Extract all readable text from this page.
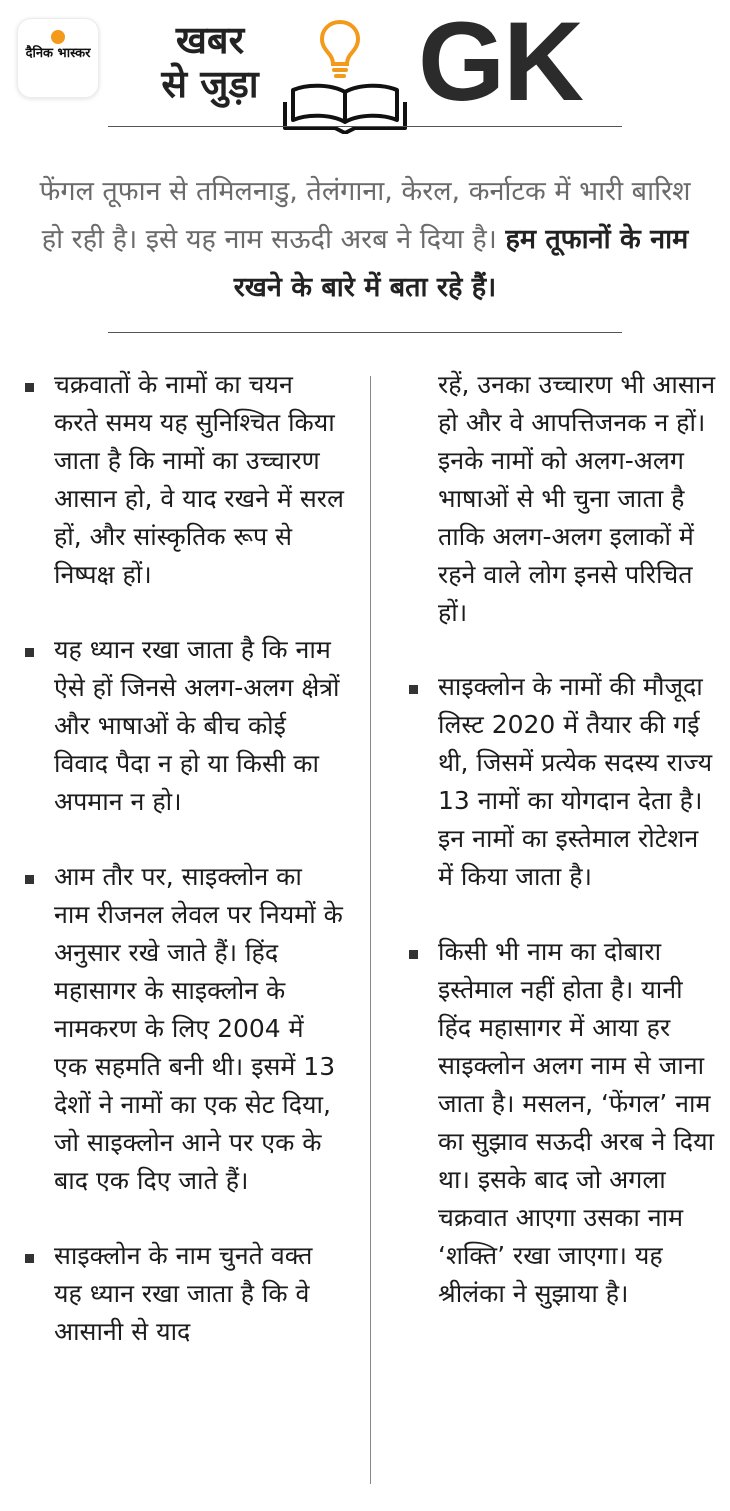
दैनिक भास्कर	खबर
से जुड़ा GK
फेंगल तूफान से तमिलनाडु, तेलंगाना, केरल, कर्नाटक में भारी बारिश हो रही है। इसे यह नाम सऊदी अरब ने दिया है। हम तूफानों के नाम रखने के बारे में बता रहे हैं।
चक्रवातों के नामों का चयन करते समय यह सुनिश्चित किया जाता है कि नामों का उच्चारण आसान हो, वे याद रखने में सरल हों, और सांस्कृतिक रूप से निष्पक्ष हों।
यह ध्यान रखा जाता है कि नाम ऐसे हों जिनसे अलग-अलग क्षेत्रों और भाषाओं के बीच कोई विवाद पैदा न हो या किसी का अपमान न हो।
आम तौर पर, साइक्लोन का नाम रीजनल लेवल पर नियमों के अनुसार रखे जाते हैं। हिंद महासागर के साइक्लोन के नामकरण के लिए 2004 में एक सहमति बनी थी। इसमें 13 देशों ने नामों का एक सेट दिया, जो साइक्लोन आने पर एक के बाद एक दिए जाते हैं।
साइक्लोन के नाम चुनते वक्त यह ध्यान रखा जाता है कि वे आसानी से याद
रहें, उनका उच्चारण भी आसान हो और वे आपत्तिजनक न हों। इनके नामों को अलग-अलग भाषाओं से भी चुना जाता है ताकि अलग-अलग इलाकों में रहने वाले लोग इनसे परिचित हों।
साइक्लोन के नामों की मौजूदा लिस्ट 2020 में तैयार की गई थी, जिसमें प्रत्येक सदस्य राज्य 13 नामों का योगदान देता है। इन नामों का इस्तेमाल रोटेशन में किया जाता है।
किसी भी नाम का दोबारा इस्तेमाल नहीं होता है। यानी हिंद महासागर में आया हर साइक्लोन अलग नाम से जाना जाता है। मसलन, ‘फेंगल’ नाम का सुझाव सऊदी अरब ने दिया था। इसके बाद जो अगला चक्रवात आएगा उसका नाम ‘शक्ति’ रखा जाएगा। यह श्रीलंका ने सुझाया है।
